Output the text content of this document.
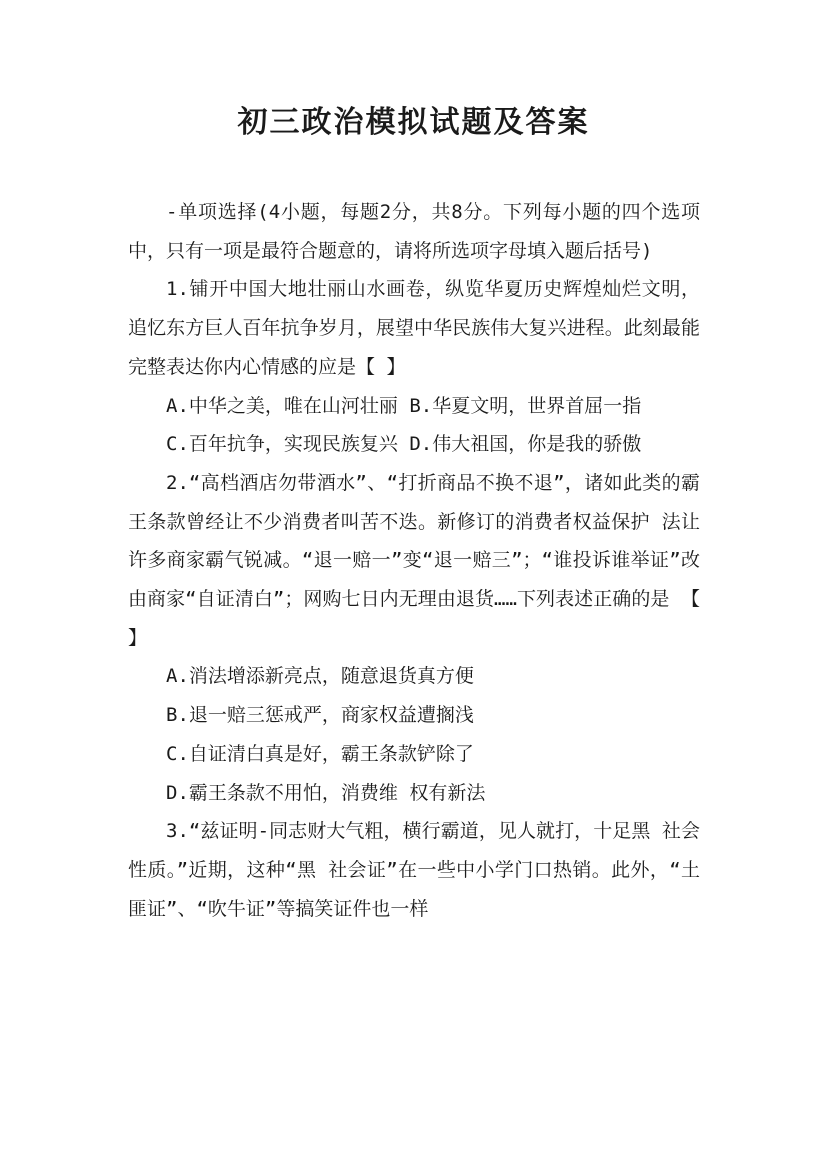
初三政治模拟试题及答案

-单项选择(4小题，每题2分，共8分。下列每小题的四个选项中，只有一项是最符合题意的，请将所选项字母填入题后括号)

1.铺开中国大地壮丽山水画卷，纵览华夏历史辉煌灿烂文明，追忆东方巨人百年抗争岁月，展望中华民族伟大复兴进程。此刻最能完整表达你内心情感的应是【 】

A.中华之美，唯在山河壮丽 B.华夏文明，世界首屈一指

C.百年抗争，实现民族复兴 D.伟大祖国，你是我的骄傲

2.“高档酒店勿带酒水”、“打折商品不换不退”，诸如此类的霸王条款曾经让不少消费者叫苦不迭。新修订的消费者权益保护 法让许多商家霸气锐减。“退一赔一”变“退一赔三”；“谁投诉谁举证”改由商家“自证清白”；网购七日内无理由退货……下列表述正确的是 【 】

A.消法增添新亮点，随意退货真方便

B.退一赔三惩戒严，商家权益遭搁浅

C.自证清白真是好，霸王条款铲除了

D.霸王条款不用怕，消费维 权有新法

3.“兹证明-同志财大气粗，横行霸道，见人就打，十足黑 社会性质。”近期，这种“黑 社会证”在一些中小学门口热销。此外，“土匪证”、“吹牛证”等搞笑证件也一样
